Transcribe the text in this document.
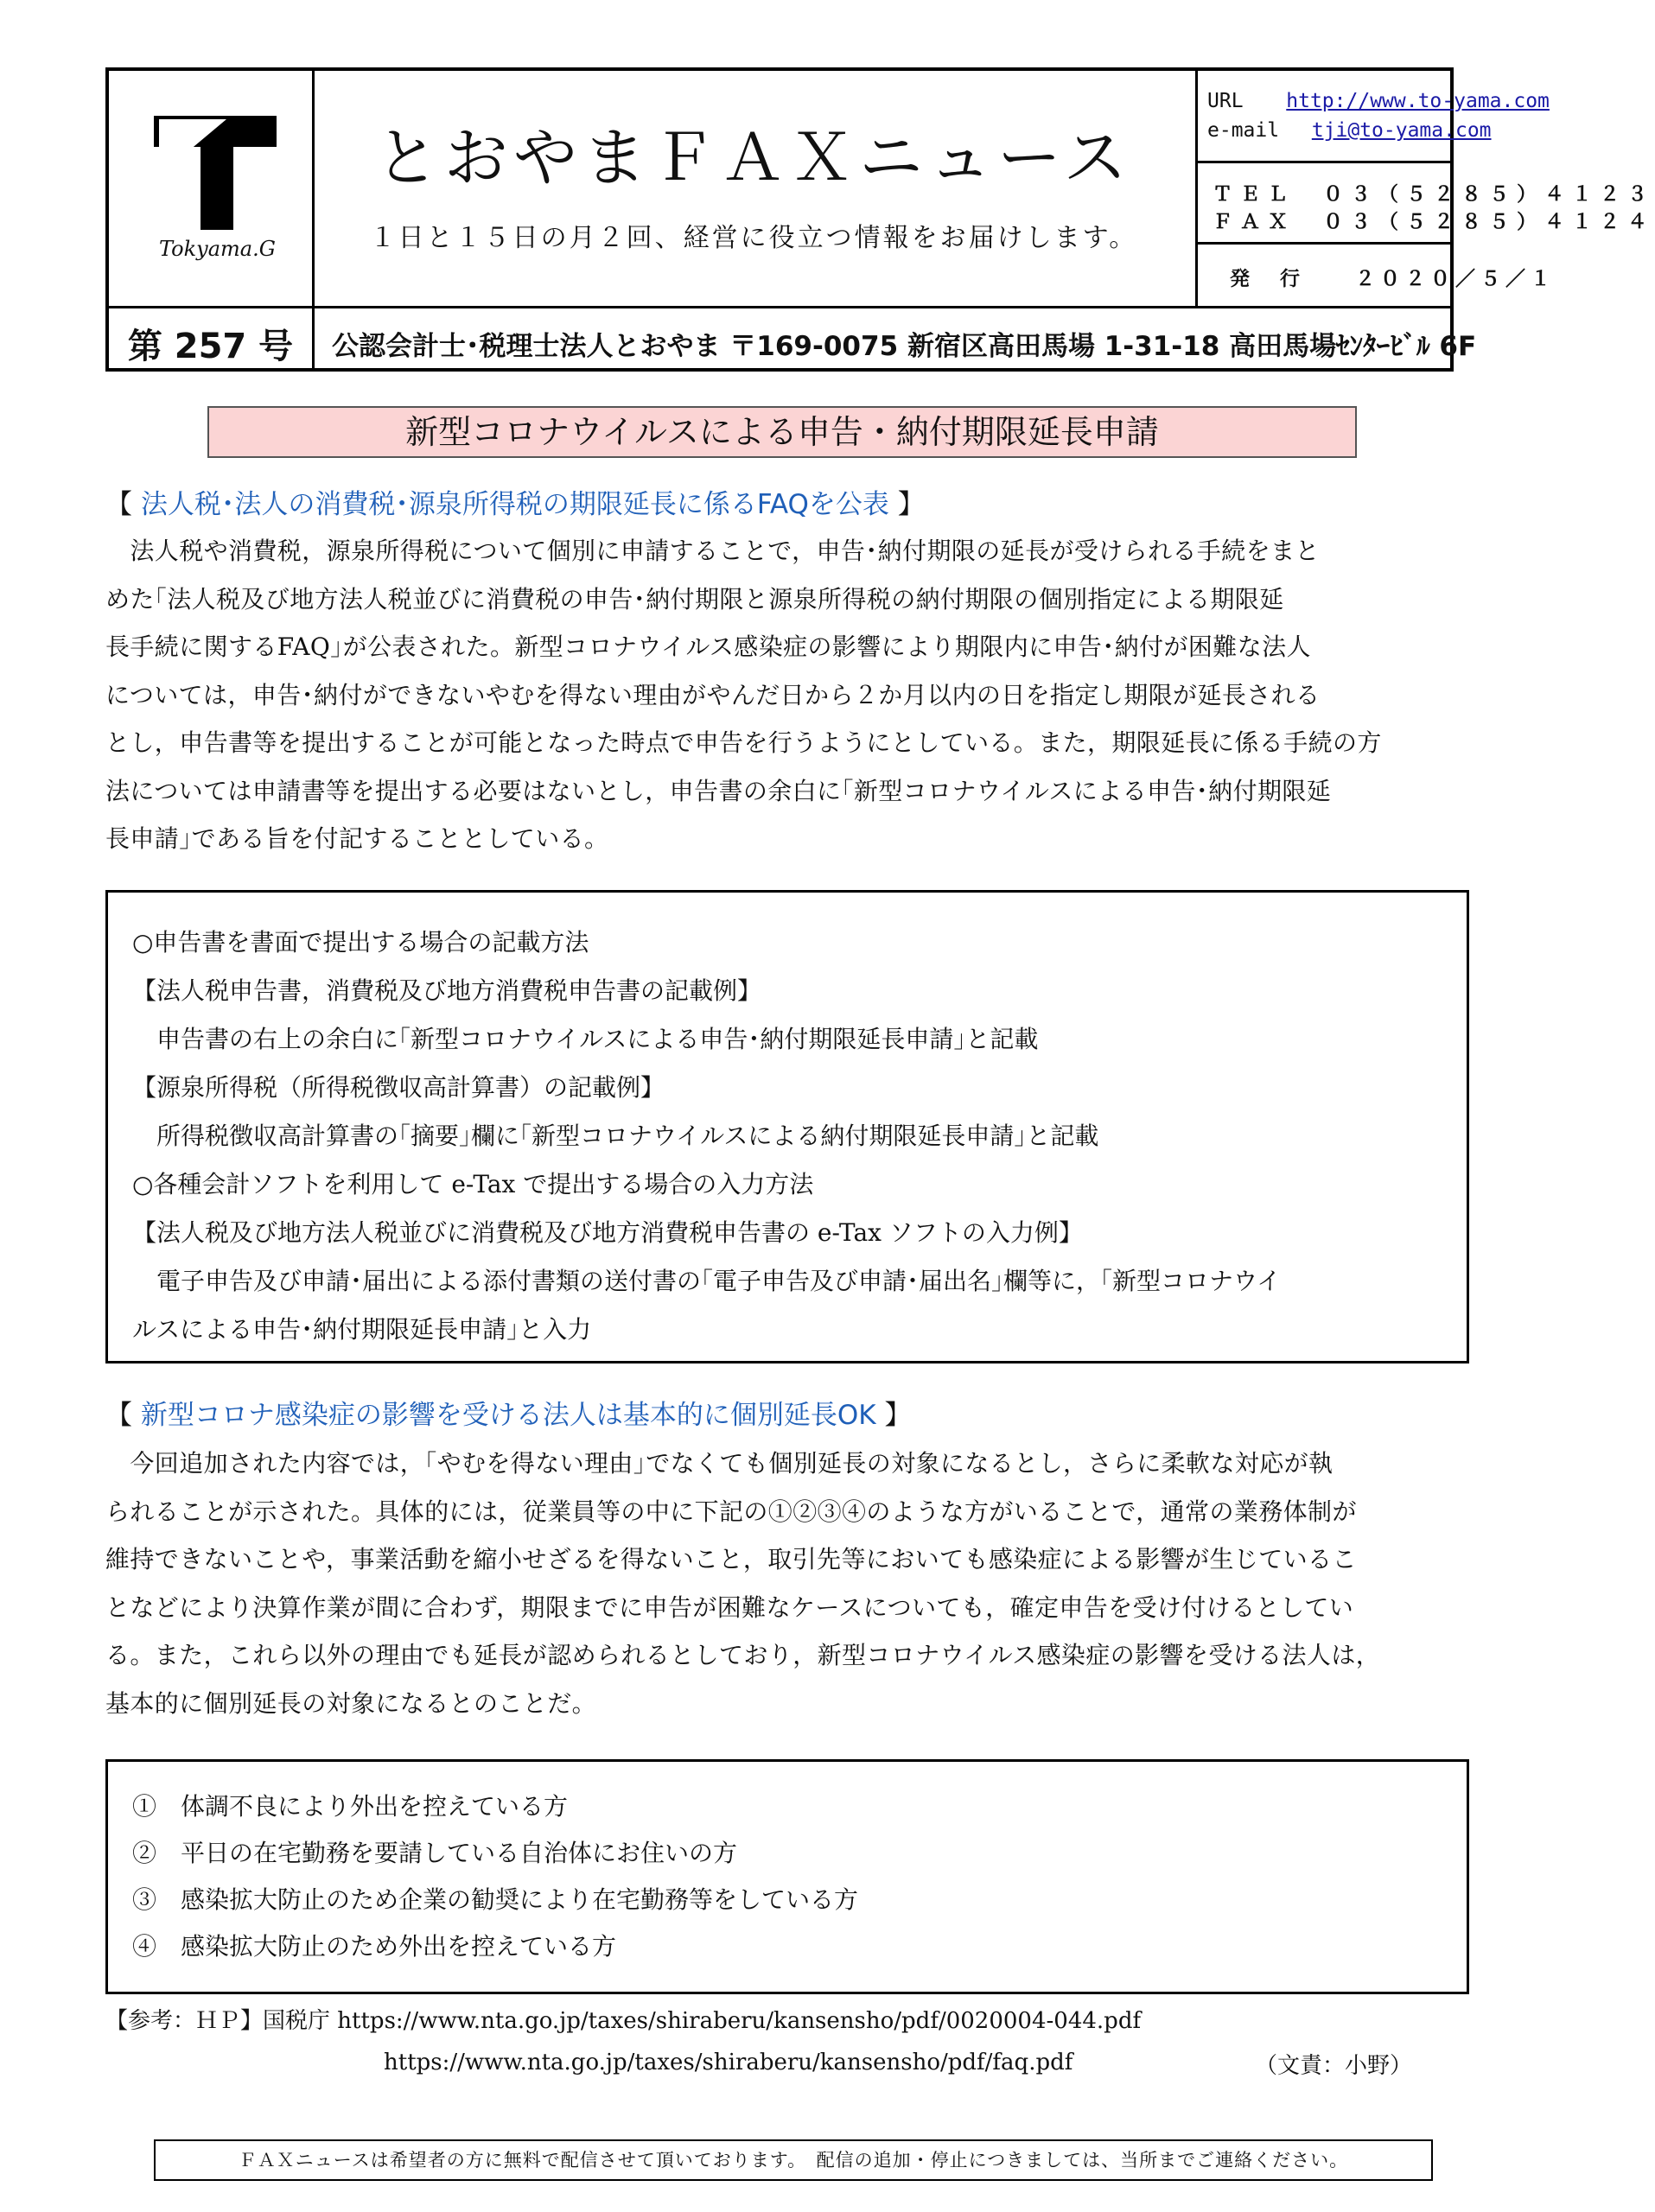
Tokyama.G
とおやまＦＡＸニュース
１日と１５日の月２回、経営に役立つ情報をお届けします。
URL http://www.to-yama.com
e-mail tji@to-yama.com
ＴＥＬ　０３（５２８５）４１２３
ＦＡＸ　０３（５２８５）４１２４
発　行　　２０２０／５／１
第 257 号	公認会計士･税理士法人とおやま 〒169-0075 新宿区高田馬場 1-31-18 高田馬場ｾﾝﾀｰﾋﾞﾙ 6F
新型コロナウイルスによる申告・納付期限延長申請
【 法人税･法人の消費税･源泉所得税の期限延長に係るFAQを公表 】

　法人税や消費税，源泉所得税について個別に申請することで，申告･納付期限の延長が受けられる手続をまと

めた｢法人税及び地方法人税並びに消費税の申告･納付期限と源泉所得税の納付期限の個別指定による期限延

長手続に関するFAQ｣が公表された。新型コロナウイルス感染症の影響により期限内に申告･納付が困難な法人

については，申告･納付ができないやむを得ない理由がやんだ日から２か月以内の日を指定し期限が延長される

とし，申告書等を提出することが可能となった時点で申告を行うようにとしている。また，期限延長に係る手続の方

法については申請書等を提出する必要はないとし，申告書の余白に｢新型コロナウイルスによる申告･納付期限延

長申請｣である旨を付記することとしている。

○申告書を書面で提出する場合の記載方法
【法人税申告書，消費税及び地方消費税申告書の記載例】
　申告書の右上の余白に｢新型コロナウイルスによる申告･納付期限延長申請｣と記載
【源泉所得税（所得税徴収高計算書）の記載例】
　所得税徴収高計算書の｢摘要｣欄に｢新型コロナウイルスによる納付期限延長申請｣と記載
○各種会計ソフトを利用して e-Tax で提出する場合の入力方法
【法人税及び地方法人税並びに消費税及び地方消費税申告書の e-Tax ソフトの入力例】
　電子申告及び申請･届出による添付書類の送付書の｢電子申告及び申請･届出名｣欄等に，｢新型コロナウイ
ルスによる申告･納付期限延長申請｣と入力
【 新型コロナ感染症の影響を受ける法人は基本的に個別延長OK 】

　今回追加された内容では，｢やむを得ない理由｣でなくても個別延長の対象になるとし，さらに柔軟な対応が執

られることが示された。具体的には，従業員等の中に下記の①②③④のような方がいることで，通常の業務体制が

維持できないことや，事業活動を縮小せざるを得ないこと，取引先等においても感染症による影響が生じているこ

となどにより決算作業が間に合わず，期限までに申告が困難なケースについても，確定申告を受け付けるとしてい

る。また，これら以外の理由でも延長が認められるとしており，新型コロナウイルス感染症の影響を受ける法人は，

基本的に個別延長の対象になるとのことだ。

①　体調不良により外出を控えている方
②　平日の在宅勤務を要請している自治体にお住いの方
③　感染拡大防止のため企業の勧奨により在宅勤務等をしている方
④　感染拡大防止のため外出を控えている方
【参考：ＨＰ】国税庁 https://www.nta.go.jp/taxes/shiraberu/kansensho/pdf/0020004-044.pdf
https://www.nta.go.jp/taxes/shiraberu/kansensho/pdf/faq.pdf	（文責：小野）
ＦＡＸニュースは希望者の方に無料で配信させて頂いております。　配信の追加・停止につきましては、当所までご連絡ください。
